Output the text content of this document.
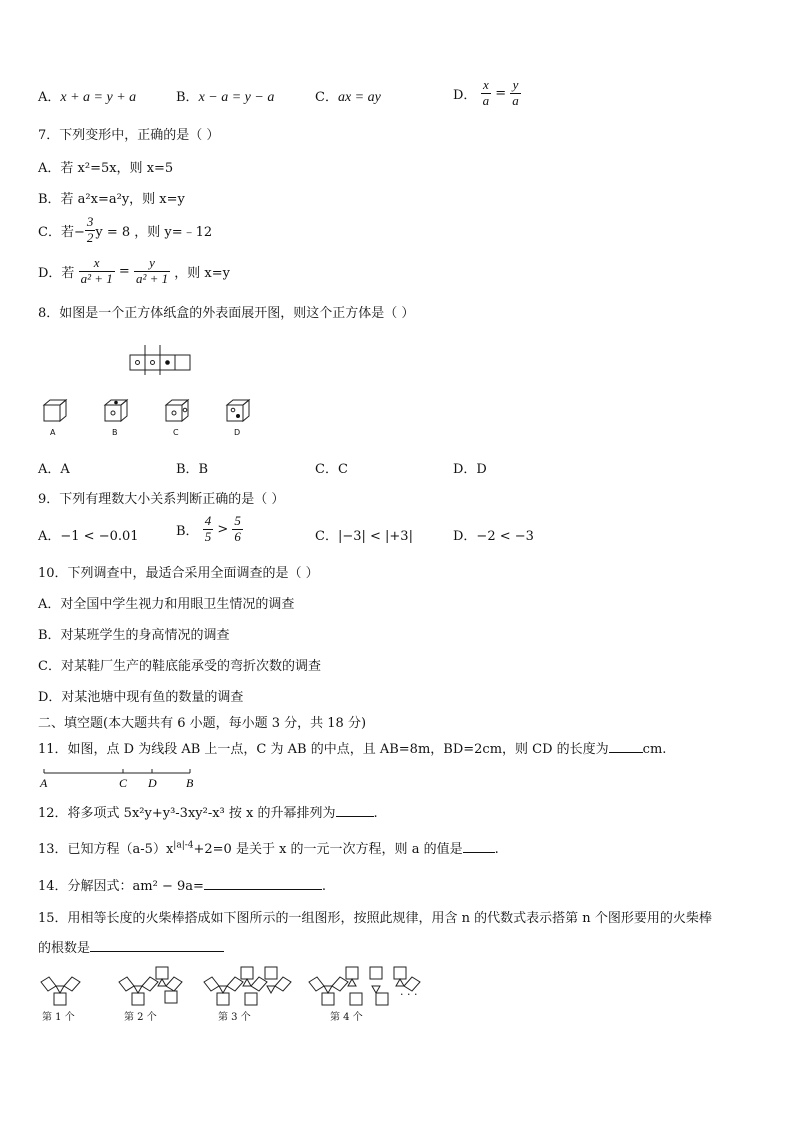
A．x + a = y + a	B．x − a = y − a	C．ax = ay	D． $\frac{x}{a} = \frac{y}{a}$
7．下列变形中，正确的是（ ）
A．若 x²=5x，则 x=5
B．若 a²x=a²y，则 x=y
C．若− $\frac{3}{2}$ y = 8 ，则 y=﹣12
D．若 $\frac{x}{\text{a² + 1}} = \frac{y}{\text{a² + 1}}$ ，则 x=y
8．如图是一个正方体纸盒的外表面展开图，则这个正方体是（ ）
A	B	C	D
A．A	B．B	C．C	D．D
9．下列有理数大小关系判断正确的是（ ）
A．−1 < −0.01	B． $\frac{4}{5} > \frac{5}{6}$	C．|−3| < |+3|	D．−2 < −3
10．下列调查中，最适合采用全面调查的是（ ）
A．对全国中学生视力和用眼卫生情况的调查
B．对某班学生的身高情况的调查
C．对某鞋厂生产的鞋底能承受的弯折次数的调查
D．对某池塘中现有鱼的数量的调查
二、填空题(本大题共有 6 小题，每小题 3 分，共 18 分)
11．如图，点 D 为线段 AB 上一点，C 为 AB 的中点，且 AB=8m，BD=2cm，则 CD 的长度为	cm.
A	C D B
12．将多项式 5x²y+y³-3xy²-x³ 按 x 的升幂排列为	.
13．已知方程$(a-5)x^{|a|-4}+2=0$ 是关于 x 的一元一次方程，则 a 的值是 .
14．分解因式：am² − 9a=	.
15．用相等长度的火柴棒搭成如下图所示的一组图形，按照此规律，用含 n 的代数式表示搭第 n 个图形要用的火柴棒
的根数是
· · ·
第 1 个	第 2 个	第 3 个	第 4 个
